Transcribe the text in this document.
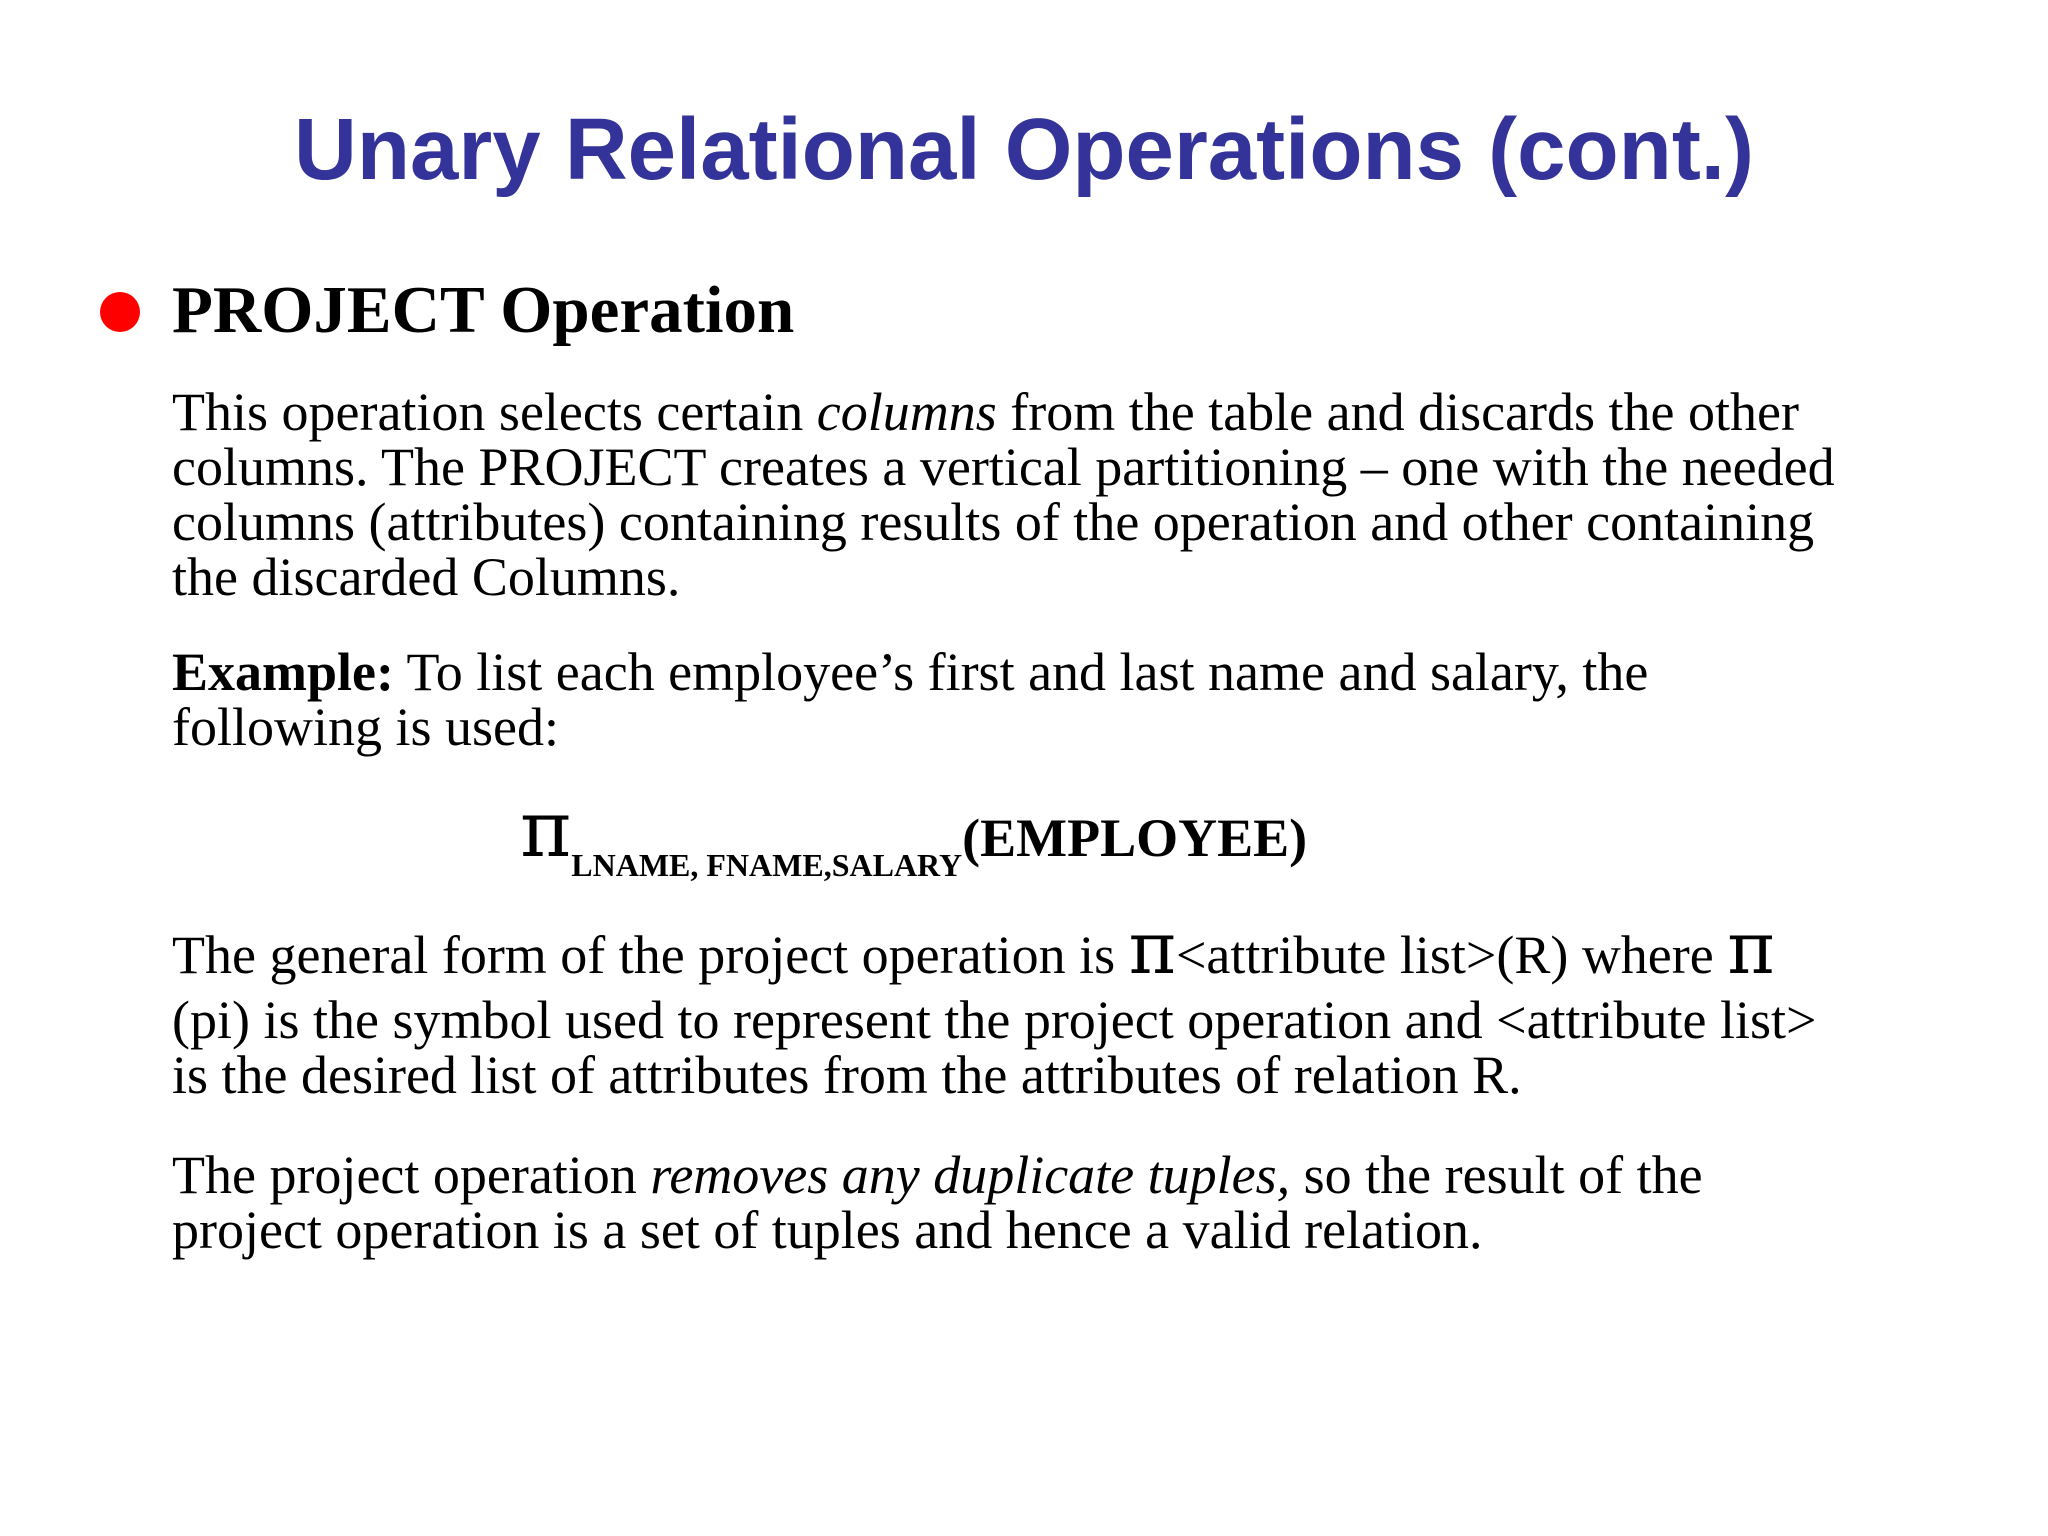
Unary Relational Operations (cont.)
PROJECT Operation
This operation selects certain columns from the table and discards the other
columns. The PROJECT creates a vertical partitioning – one with the needed
columns (attributes) containing results of the operation and other containing
the discarded Columns.
Example: To list each employee’s first and last name and salary, the
following is used:
πLNAME, FNAME,SALARY(EMPLOYEE)
The general form of the project operation is π<attribute list>(R) where π
(pi) is the symbol used to represent the project operation and <attribute list>
is the desired list of attributes from the attributes of relation R.
The project operation removes any duplicate tuples, so the result of the
project operation is a set of tuples and hence a valid relation.
